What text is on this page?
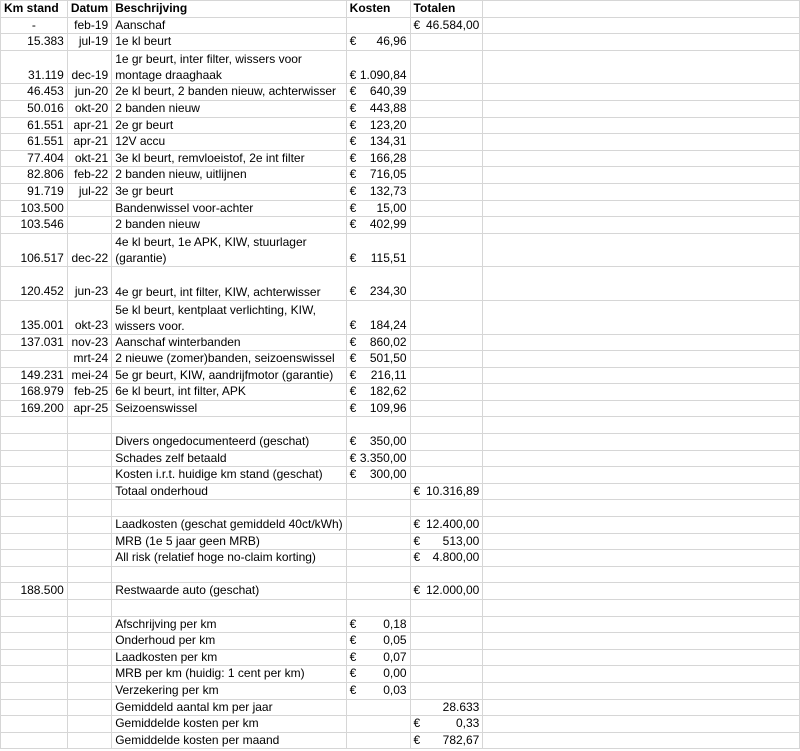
Km stand	Datum	Beschrijving	Kosten	Totalen	
-	feb-19	Aanschaf		€ 46.584,00	

15.383	jul-19	1e kl beurt	€ 46,96		

31.119	dec-19	1e gr beurt, inter filter, wissers voor montage draaghaak	€ 1.090,84		

46.453	jun-20	2e kl beurt, 2 banden nieuw, achterwisser	€ 640,39		

50.016	okt-20	2 banden nieuw	€ 443,88		

61.551	apr-21	2e gr beurt	€ 123,20		

61.551	apr-21	12V accu	€ 134,31		

77.404	okt-21	3e kl beurt, remvloeistof, 2e int filter	€ 166,28		

82.806	feb-22	2 banden nieuw, uitlijnen	€ 716,05		

91.719	jul-22	3e gr beurt	€ 132,73		

103.500		Bandenwissel voor-achter	€ 15,00		

103.546		2 banden nieuw	€ 402,99		

106.517	dec-22	4e kl beurt, 1e APK, KIW, stuurlager (garantie)	€ 115,51		

120.452	jun-23	4e gr beurt, int filter, KIW, achterwisser	€ 234,30		

135.001	okt-23	5e kl beurt, kentplaat verlichting, KIW, wissers voor.	€ 184,24		

137.031	nov-23	Aanschaf winterbanden	€ 860,02		

	mrt-24	2 nieuwe (zomer)banden, seizoenswissel	€ 501,50		

149.231	mei-24	5e gr beurt, KIW, aandrijfmotor (garantie)	€ 216,11		

168.979	feb-25	6e kl beurt, int filter, APK	€ 182,62		

169.200	apr-25	Seizoenswissel	€ 109,96		

		Divers ongedocumenteerd (geschat)	€ 350,00		

		Schades zelf betaald	€ 3.350,00		

		Kosten i.r.t. huidige km stand (geschat)	€ 300,00		

		Totaal onderhoud		€ 10.316,89	

		Laadkosten (geschat gemiddeld 40ct/kWh)		€ 12.400,00	

		MRB (1e 5 jaar geen MRB)		€ 513,00	

		All risk (relatief hoge no-claim korting)		€ 4.800,00	

188.500		Restwaarde auto (geschat)		€ 12.000,00	

		Afschrijving per km	€ 0,18		

		Onderhoud per km	€ 0,05		

		Laadkosten per km	€ 0,07		

		MRB per km (huidig: 1 cent per km)	€ 0,00		

		Verzekering per km	€ 0,03		

		Gemiddeld aantal km per jaar		28.633	
		Gemiddelde kosten per km		€ 0,33	

		Gemiddelde kosten per maand		€ 782,67	
